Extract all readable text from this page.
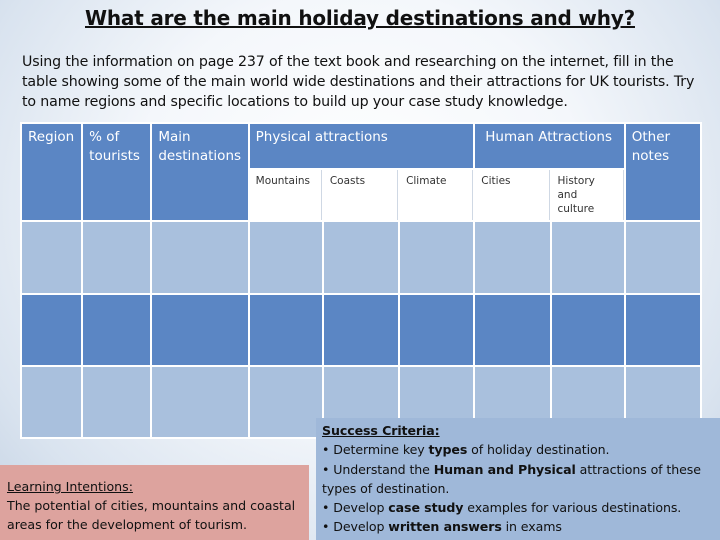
What are the main holiday destinations and why?
Using the information on page 237 of the text book and researching on the internet, fill in the table showing some of the main world wide destinations and their attractions for UK tourists. Try to name regions and specific locations to build up your case study knowledge.
Region	% of tourists	Main destinations	Physical attractions			Human Attractions		Other notes
			Mountains	Coasts	Climate	Cities	History and culture	

Learning Intentions:
The potential of cities, mountains and coastal areas for the development of tourism.
Success Criteria:
• Determine key types of holiday destination.
• Understand the Human and Physical attractions of these types of destination.
• Develop case study examples for various destinations.
• Develop written answers in exams
